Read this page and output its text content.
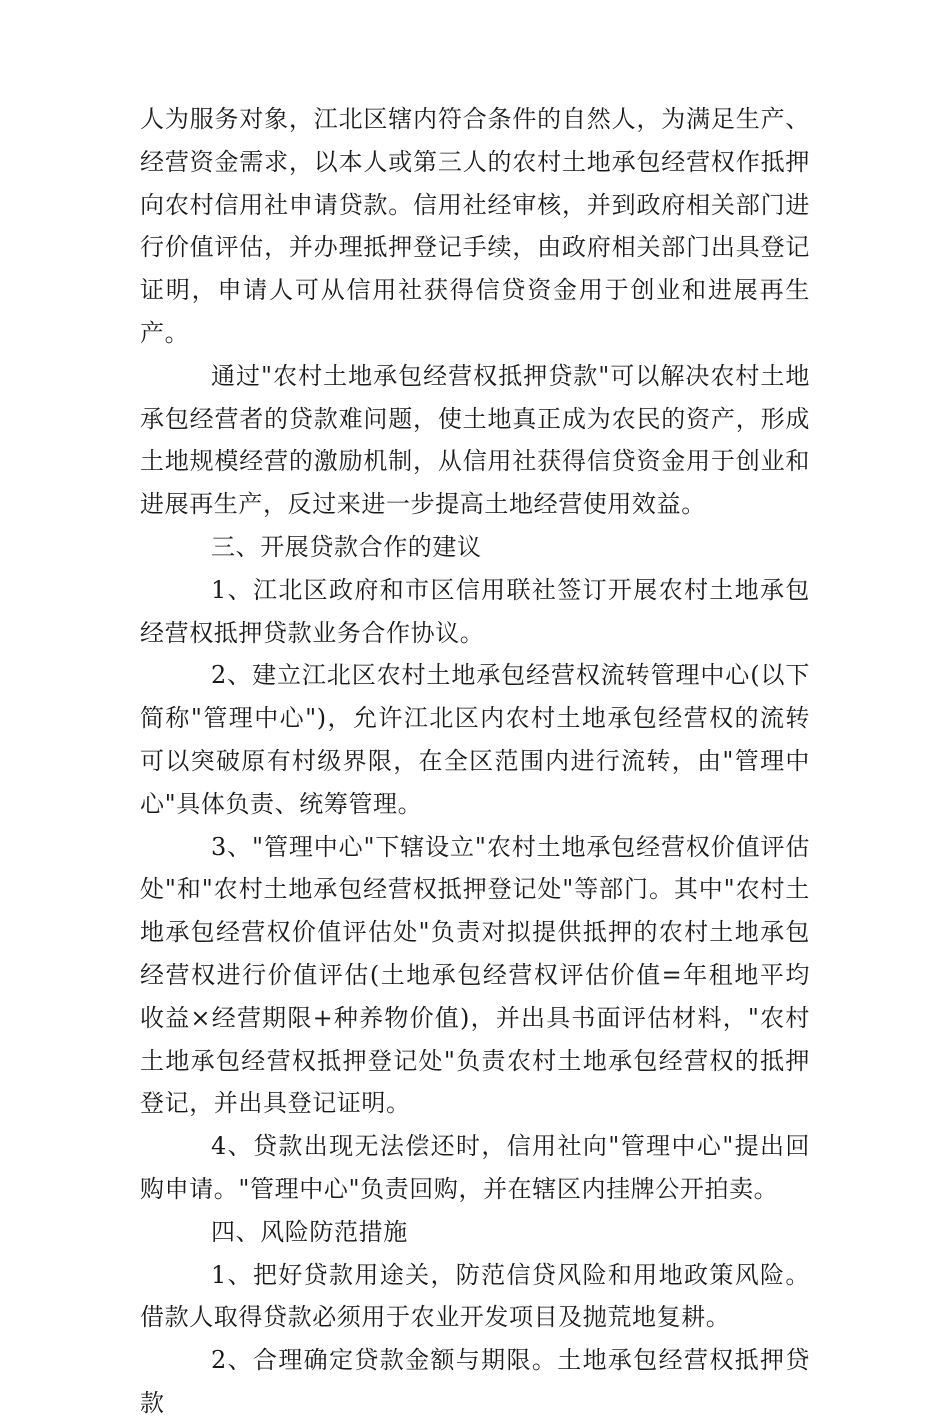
人为服务对象，江北区辖内符合条件的自然人，为满足生产、经营资金需求，以本人或第三人的农村土地承包经营权作抵押向农村信用社申请贷款。信用社经审核，并到政府相关部门进行价值评估，并办理抵押登记手续，由政府相关部门出具登记证明，申请人可从信用社获得信贷资金用于创业和进展再生产。

通过"农村土地承包经营权抵押贷款"可以解决农村土地承包经营者的贷款难问题，使土地真正成为农民的资产，形成土地规模经营的激励机制，从信用社获得信贷资金用于创业和进展再生产，反过来进一步提高土地经营使用效益。

三、开展贷款合作的建议

1、江北区政府和市区信用联社签订开展农村土地承包经营权抵押贷款业务合作协议。

2、建立江北区农村土地承包经营权流转管理中心(以下简称"管理中心")，允许江北区内农村土地承包经营权的流转可以突破原有村级界限，在全区范围内进行流转，由"管理中心"具体负责、统筹管理。

3、"管理中心"下辖设立"农村土地承包经营权价值评估处"和"农村土地承包经营权抵押登记处"等部门。其中"农村土地承包经营权价值评估处"负责对拟提供抵押的农村土地承包经营权进行价值评估(土地承包经营权评估价值=年租地平均收益×经营期限+种养物价值)，并出具书面评估材料，"农村土地承包经营权抵押登记处"负责农村土地承包经营权的抵押登记，并出具登记证明。

4、贷款出现无法偿还时，信用社向"管理中心"提出回购申请。"管理中心"负责回购，并在辖区内挂牌公开拍卖。

四、风险防范措施

1、把好贷款用途关，防范信贷风险和用地政策风险。借款人取得贷款必须用于农业开发项目及抛荒地复耕。

2、合理确定贷款金额与期限。土地承包经营权抵押贷款
